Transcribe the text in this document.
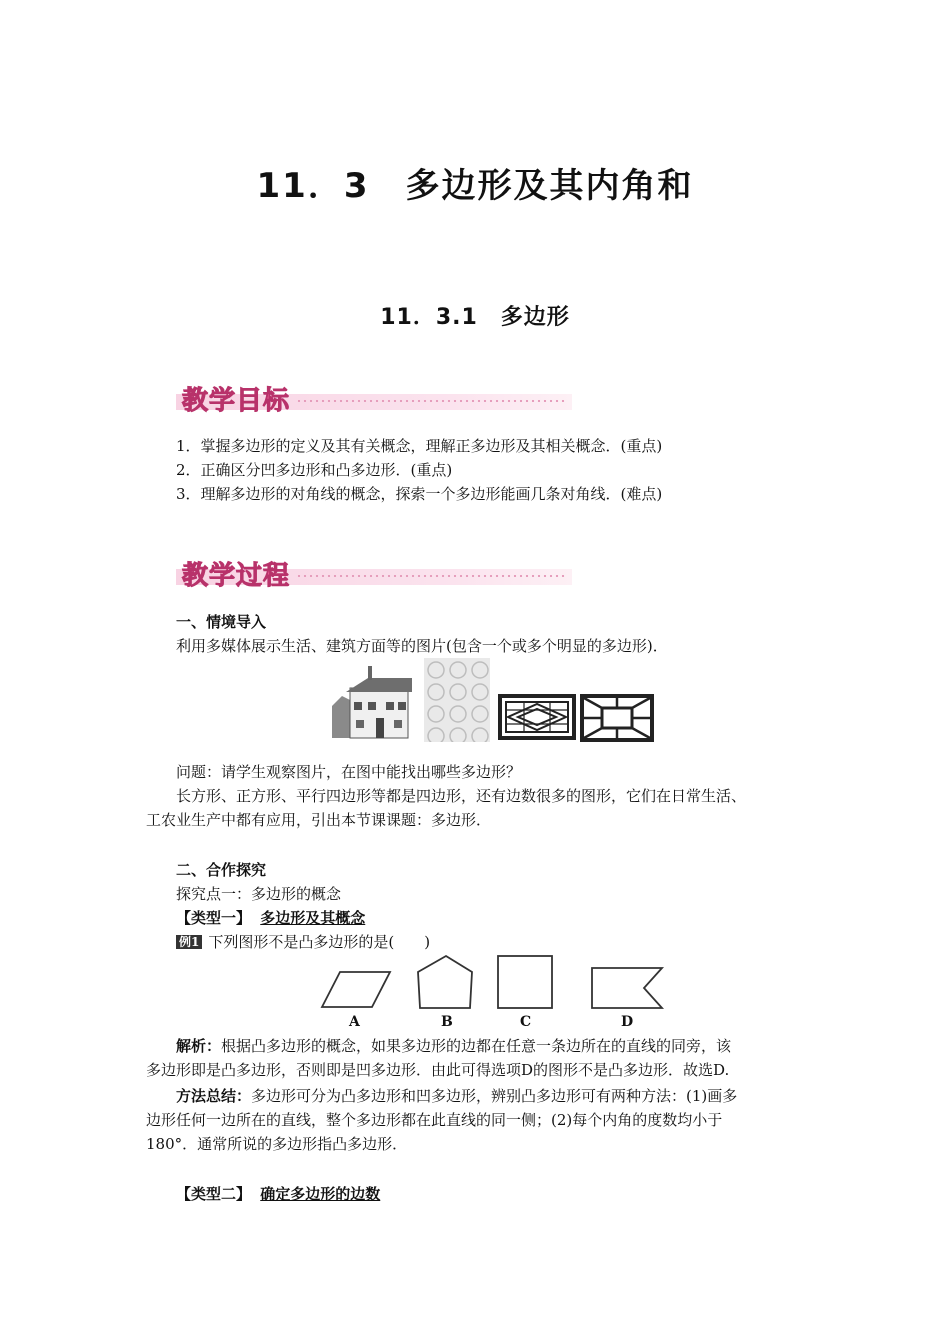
11．3　多边形及其内角和
11．3.1　多边形
教学目标
1．掌握多边形的定义及其有关概念，理解正多边形及其相关概念．(重点)
2．正确区分凹多边形和凸多边形．(重点)
3．理解多边形的对角线的概念，探索一个多边形能画几条对角线．(难点)
教学过程
一、情境导入
利用多媒体展示生活、建筑方面等的图片(包含一个或多个明显的多边形)．
问题：请学生观察图片，在图中能找出哪些多边形？
长方形、正方形、平行四边形等都是四边形，还有边数很多的图形，它们在日常生活、
工农业生产中都有应用，引出本节课课题：多边形．
二、合作探究
探究点一：多边形的概念
【类型一】 多边形及其概念
例1 下列图形不是凸多边形的是(　　)
A	B	C	D
解析：根据凸多边形的概念，如果多边形的边都在任意一条边所在的直线的同旁，该
多边形即是凸多边形，否则即是凹多边形．由此可得选项D的图形不是凸多边形．故选D.
方法总结：多边形可分为凸多边形和凹多边形，辨别凸多边形可有两种方法：(1)画多
边形任何一边所在的直线，整个多边形都在此直线的同一侧；(2)每个内角的度数均小于
180°．通常所说的多边形指凸多边形．
【类型二】 确定多边形的边数
